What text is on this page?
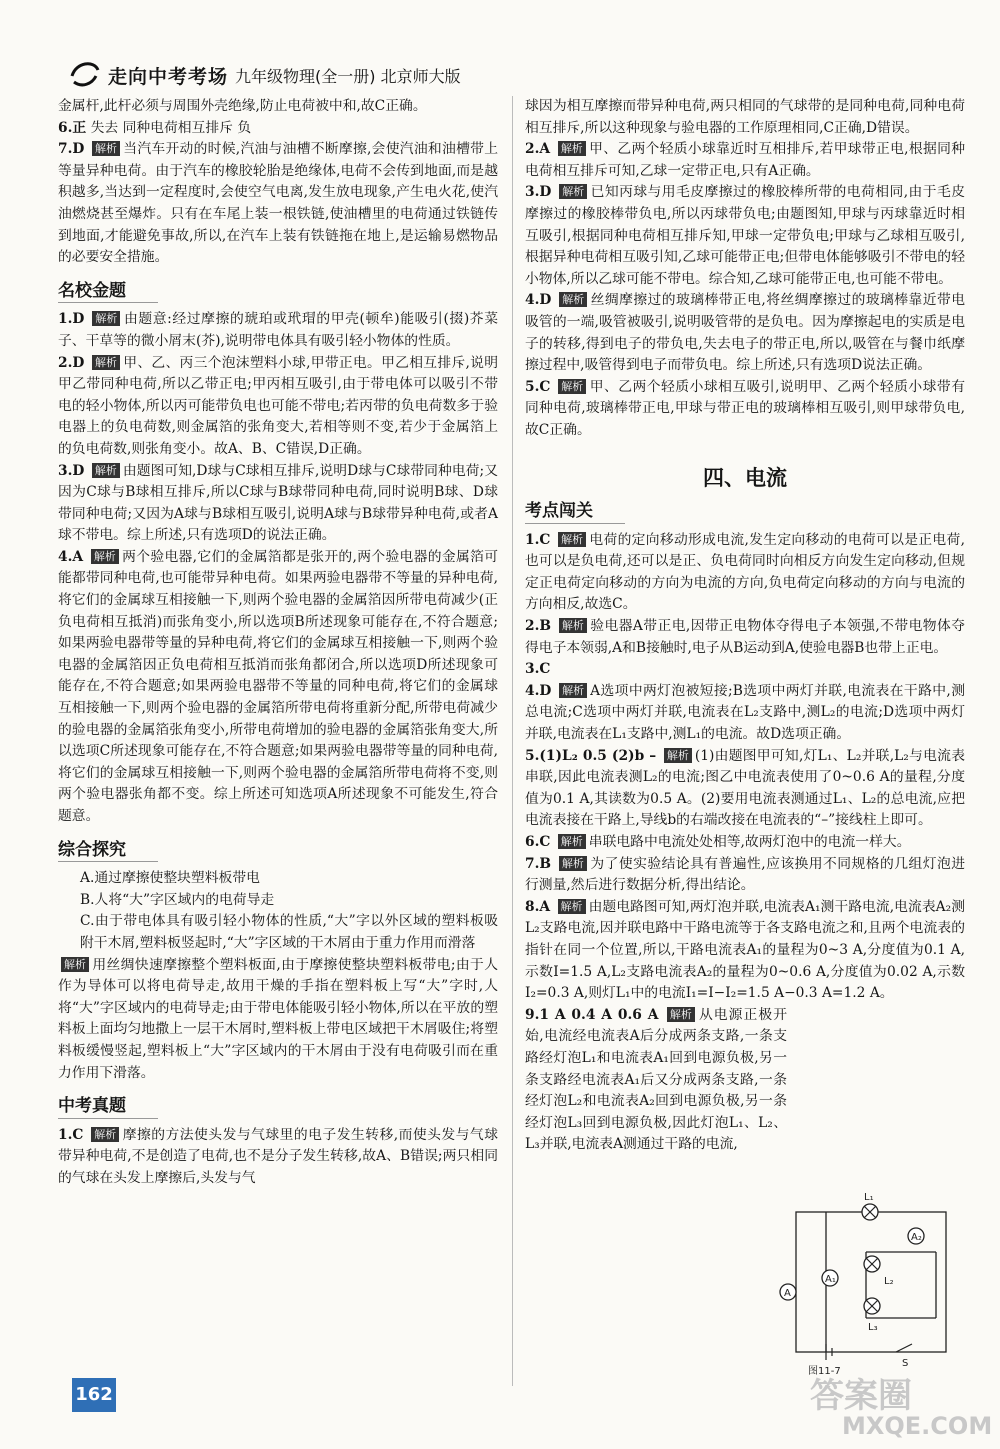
走向中考考场 九年级物理(全一册) 北京师大版

金属杆,此杆必须与周围外壳绝缘,防止电荷被中和,故C正确。

6.正 失去 同种电荷相互排斥 负

7.D 解析 当汽车开动的时候,汽油与油槽不断摩擦,会使汽油和油槽带上等量异种电荷。由于汽车的橡胶轮胎是绝缘体,电荷不会传到地面,而是越积越多,当达到一定程度时,会使空气电离,发生放电现象,产生电火花,使汽油燃烧甚至爆炸。只有在车尾上装一根铁链,使油槽里的电荷通过铁链传到地面,才能避免事故,所以,在汽车上装有铁链拖在地上,是运输易燃物品的必要安全措施。

名校金题

1.D 解析 由题意:经过摩擦的琥珀或玳瑁的甲壳(顿牟)能吸引(掇)芥菜子、干草等的微小屑末(芥),说明带电体具有吸引轻小物体的性质。

2.D 解析 甲、乙、丙三个泡沫塑料小球,甲带正电。甲乙相互排斥,说明甲乙带同种电荷,所以乙带正电;甲丙相互吸引,由于带电体可以吸引不带电的轻小物体,所以丙可能带负电也可能不带电;若丙带的负电荷数多于验电器上的负电荷数,则金属箔的张角变大,若相等则不变,若少于金属箔上的负电荷数,则张角变小。故A、B、C错误,D正确。

3.D 解析 由题图可知,D球与C球相互排斥,说明D球与C球带同种电荷;又因为C球与B球相互排斥,所以C球与B球带同种电荷,同时说明B球、D球带同种电荷;又因为A球与B球相互吸引,说明A球与B球带异种电荷,或者A球不带电。综上所述,只有选项D的说法正确。

4.A 解析 两个验电器,它们的金属箔都是张开的,两个验电器的金属箔可能都带同种电荷,也可能带异种电荷。如果两验电器带不等量的异种电荷,将它们的金属球互相接触一下,则两个验电器的金属箔因所带电荷减少(正负电荷相互抵消)而张角变小,所以选项B所述现象可能存在,不符合题意;如果两验电器带等量的异种电荷,将它们的金属球互相接触一下,则两个验电器的金属箔因正负电荷相互抵消而张角都闭合,所以选项D所述现象可能存在,不符合题意;如果两验电器带不等量的同种电荷,将它们的金属球互相接触一下,则两个验电器的金属箔所带电荷将重新分配,所带电荷减少的验电器的金属箔张角变小,所带电荷增加的验电器的金属箔张角变大,所以选项C所述现象可能存在,不符合题意;如果两验电器带等量的同种电荷,将它们的金属球互相接触一下,则两个验电器的金属箔所带电荷将不变,则两个验电器张角都不变。综上所述可知选项A所述现象不可能发生,符合题意。

综合探究

A.通过摩擦使整块塑料板带电

B.人将“大”字区域内的电荷导走

C.由于带电体具有吸引轻小物体的性质,“大”字以外区域的塑料板吸附干木屑,塑料板竖起时,“大”字区域的干木屑由于重力作用而滑落

解析 用丝绸快速摩擦整个塑料板面,由于摩擦使整块塑料板带电;由于人作为导体可以将电荷导走,故用干燥的手指在塑料板上写“大”字时,人将“大”字区域内的电荷导走;由于带电体能吸引轻小物体,所以在平放的塑料板上面均匀地撒上一层干木屑时,塑料板上带电区域把干木屑吸住;将塑料板缓慢竖起,塑料板上“大”字区域内的干木屑由于没有电荷吸引而在重力作用下滑落。

中考真题

1.C 解析 摩擦的方法使头发与气球里的电子发生转移,而使头发与气球带异种电荷,不是创造了电荷,也不是分子发生转移,故A、B错误;两只相同的气球在头发上摩擦后,头发与气

球因为相互摩擦而带异种电荷,两只相同的气球带的是同种电荷,同种电荷相互排斥,所以这种现象与验电器的工作原理相同,C正确,D错误。

2.A 解析 甲、乙两个轻质小球靠近时互相排斥,若甲球带正电,根据同种电荷相互排斥可知,乙球一定带正电,只有A正确。

3.D 解析 已知丙球与用毛皮摩擦过的橡胶棒所带的电荷相同,由于毛皮摩擦过的橡胶棒带负电,所以丙球带负电;由题图知,甲球与丙球靠近时相互吸引,根据同种电荷相互排斥知,甲球一定带负电;甲球与乙球相互吸引,根据异种电荷相互吸引知,乙球可能带正电;但带电体能够吸引不带电的轻小物体,所以乙球可能不带电。综合知,乙球可能带正电,也可能不带电。

4.D 解析 丝绸摩擦过的玻璃棒带正电,将丝绸摩擦过的玻璃棒靠近带电吸管的一端,吸管被吸引,说明吸管带的是负电。因为摩擦起电的实质是电子的转移,得到电子的带负电,失去电子的带正电,所以,吸管在与餐巾纸摩擦过程中,吸管得到电子而带负电。综上所述,只有选项D说法正确。

5.C 解析 甲、乙两个轻质小球相互吸引,说明甲、乙两个轻质小球带有同种电荷,玻璃棒带正电,甲球与带正电的玻璃棒相互吸引,则甲球带负电,故C正确。

四、电流
考点闯关

1.C 解析 电荷的定向移动形成电流,发生定向移动的电荷可以是正电荷,也可以是负电荷,还可以是正、负电荷同时向相反方向发生定向移动,但规定正电荷定向移动的方向为电流的方向,负电荷定向移动的方向与电流的方向相反,故选C。

2.B 解析 验电器A带正电,因带正电物体夺得电子本领强,不带电物体夺得电子本领弱,A和B接触时,电子从B运动到A,使验电器B也带上正电。

3.C

4.D 解析 A选项中两灯泡被短接;B选项中两灯并联,电流表在干路中,测总电流;C选项中两灯并联,电流表在L₂支路中,测L₂的电流;D选项中两灯并联,电流表在L₁支路中,测L₁的电流。故D选项正确。

5.(1)L₂ 0.5 (2)b – 解析 (1)由题图甲可知,灯L₁、L₂并联,L₂与电流表串联,因此电流表测L₂的电流;图乙中电流表使用了0~0.6 A的量程,分度值为0.1 A,其读数为0.5 A。(2)要用电流表测通过L₁、L₂的总电流,应把电流表接在干路上,导线b的右端改接在电流表的“–”接线柱上即可。

6.C 解析 串联电路中电流处处相等,故两灯泡中的电流一样大。

7.B 解析 为了使实验结论具有普遍性,应该换用不同规格的几组灯泡进行测量,然后进行数据分析,得出结论。

8.A 解析 由题电路图可知,两灯泡并联,电流表A₁测干路电流,电流表A₂测L₂支路电流,因并联电路中干路电流等于各支路电流之和,且两个电流表的指针在同一个位置,所以,干路电流表A₁的量程为0~3 A,分度值为0.1 A,示数I=1.5 A,L₂支路电流表A₂的量程为0~0.6 A,分度值为0.02 A,示数I₂=0.3 A,则灯L₁中的电流I₁=I−I₂=1.5 A−0.3 A=1.2 A。

9.1 A 0.4 A 0.6 A 解析 从电源正极开始,电流经电流表A后分成两条支路,一条支路经灯泡L₁和电流表A₁回到电源负极,另一条支路经电流表A₁后又分成两条支路,一条经灯泡L₂和电流表A₂回到电源负极,另一条经灯泡L₃回到电源负极,因此灯泡L₁、L₂、L₃并联,电流表A测通过干路的电流,

L₁
A₂
A₁	L₂
A
L₃
S
图11-7
162	答案圈
MXQE.COM
